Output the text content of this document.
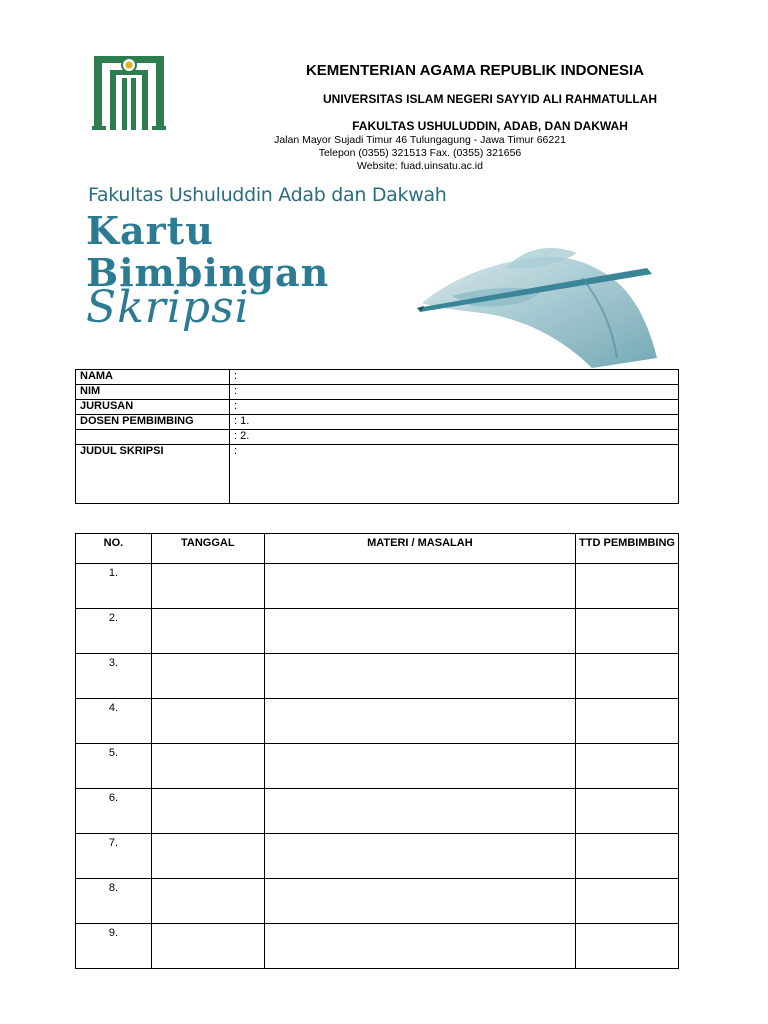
KEMENTERIAN AGAMA REPUBLIK INDONESIA
UNIVERSITAS ISLAM NEGERI SAYYID ALI RAHMATULLAH
FAKULTAS USHULUDDIN, ADAB, DAN DAKWAH
Jalan Mayor Sujadi Timur 46 Tulungagung - Jawa Timur 66221
Telepon (0355) 321513 Fax. (0355) 321656
Website: fuad.uinsatu.ac.id
Fakultas Ushuluddin Adab dan Dakwah
Kartu
Bimbingan
Skripsi
NAMA	:
NIM	:
JURUSAN	:
DOSEN PEMBIMBING	: 1.
	: 2.
JUDUL SKRIPSI	:
NO.	TANGGAL	MATERI / MASALAH	TTD PEMBIMBING
1.			
2.			
3.			
4.			
5.			
6.			
7.			
8.			
9.			
